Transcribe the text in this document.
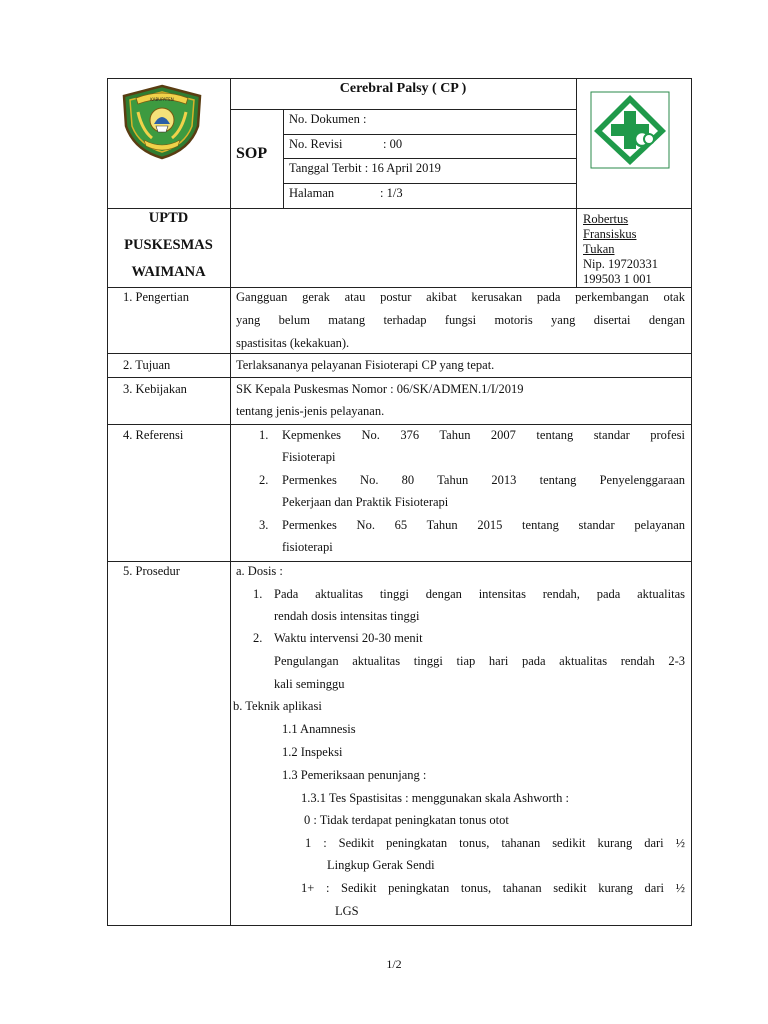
KABUPATEN
Cerebral Palsy ( CP )
SOP
No. Dokumen :
No. Revisi	: 00
Tanggal Terbit : 16 April 2019
Halaman	: 1/3
UPTD
PUSKESMAS
WAIMANA
Robertus
Fransiskus
Tukan
Nip. 19720331
199503 1 001
1. Pengertian	Gangguan gerak atau postur akibat kerusakan pada perkembangan otak
yang belum matang terhadap fungsi motoris yang disertai dengan
spastisitas (kekakuan).
2. Tujuan	Terlaksananya pelayanan Fisioterapi CP yang tepat.
3. Kebijakan	SK Kepala Puskesmas Nomor : 06/SK/ADMEN.1/I/2019
tentang jenis-jenis pelayanan.
4. Referensi	1. Kepmenkes No. 376 Tahun 2007 tentang standar profesi
Fisioterapi
2. Permenkes No. 80 Tahun 2013 tentang Penyelenggaraan
Pekerjaan dan Praktik Fisioterapi
3. Permenkes No. 65 Tahun 2015 tentang standar pelayanan
fisioterapi
5. Prosedur	a. Dosis :
1. Pada aktualitas tinggi dengan intensitas rendah, pada aktualitas
rendah dosis intensitas tinggi
2. Waktu intervensi 20-30 menit
Pengulangan aktualitas tinggi tiap hari pada aktualitas rendah 2-3
kali seminggu
b. Teknik aplikasi
1.1 Anamnesis
1.2 Inspeksi
1.3 Pemeriksaan penunjang :
1.3.1 Tes Spastisitas : menggunakan skala Ashworth :
0 : Tidak terdapat peningkatan tonus otot
1 : Sedikit peningkatan tonus, tahanan sedikit kurang dari ½
Lingkup Gerak Sendi
1+ : Sedikit peningkatan tonus, tahanan sedikit kurang dari ½
LGS
1/2
